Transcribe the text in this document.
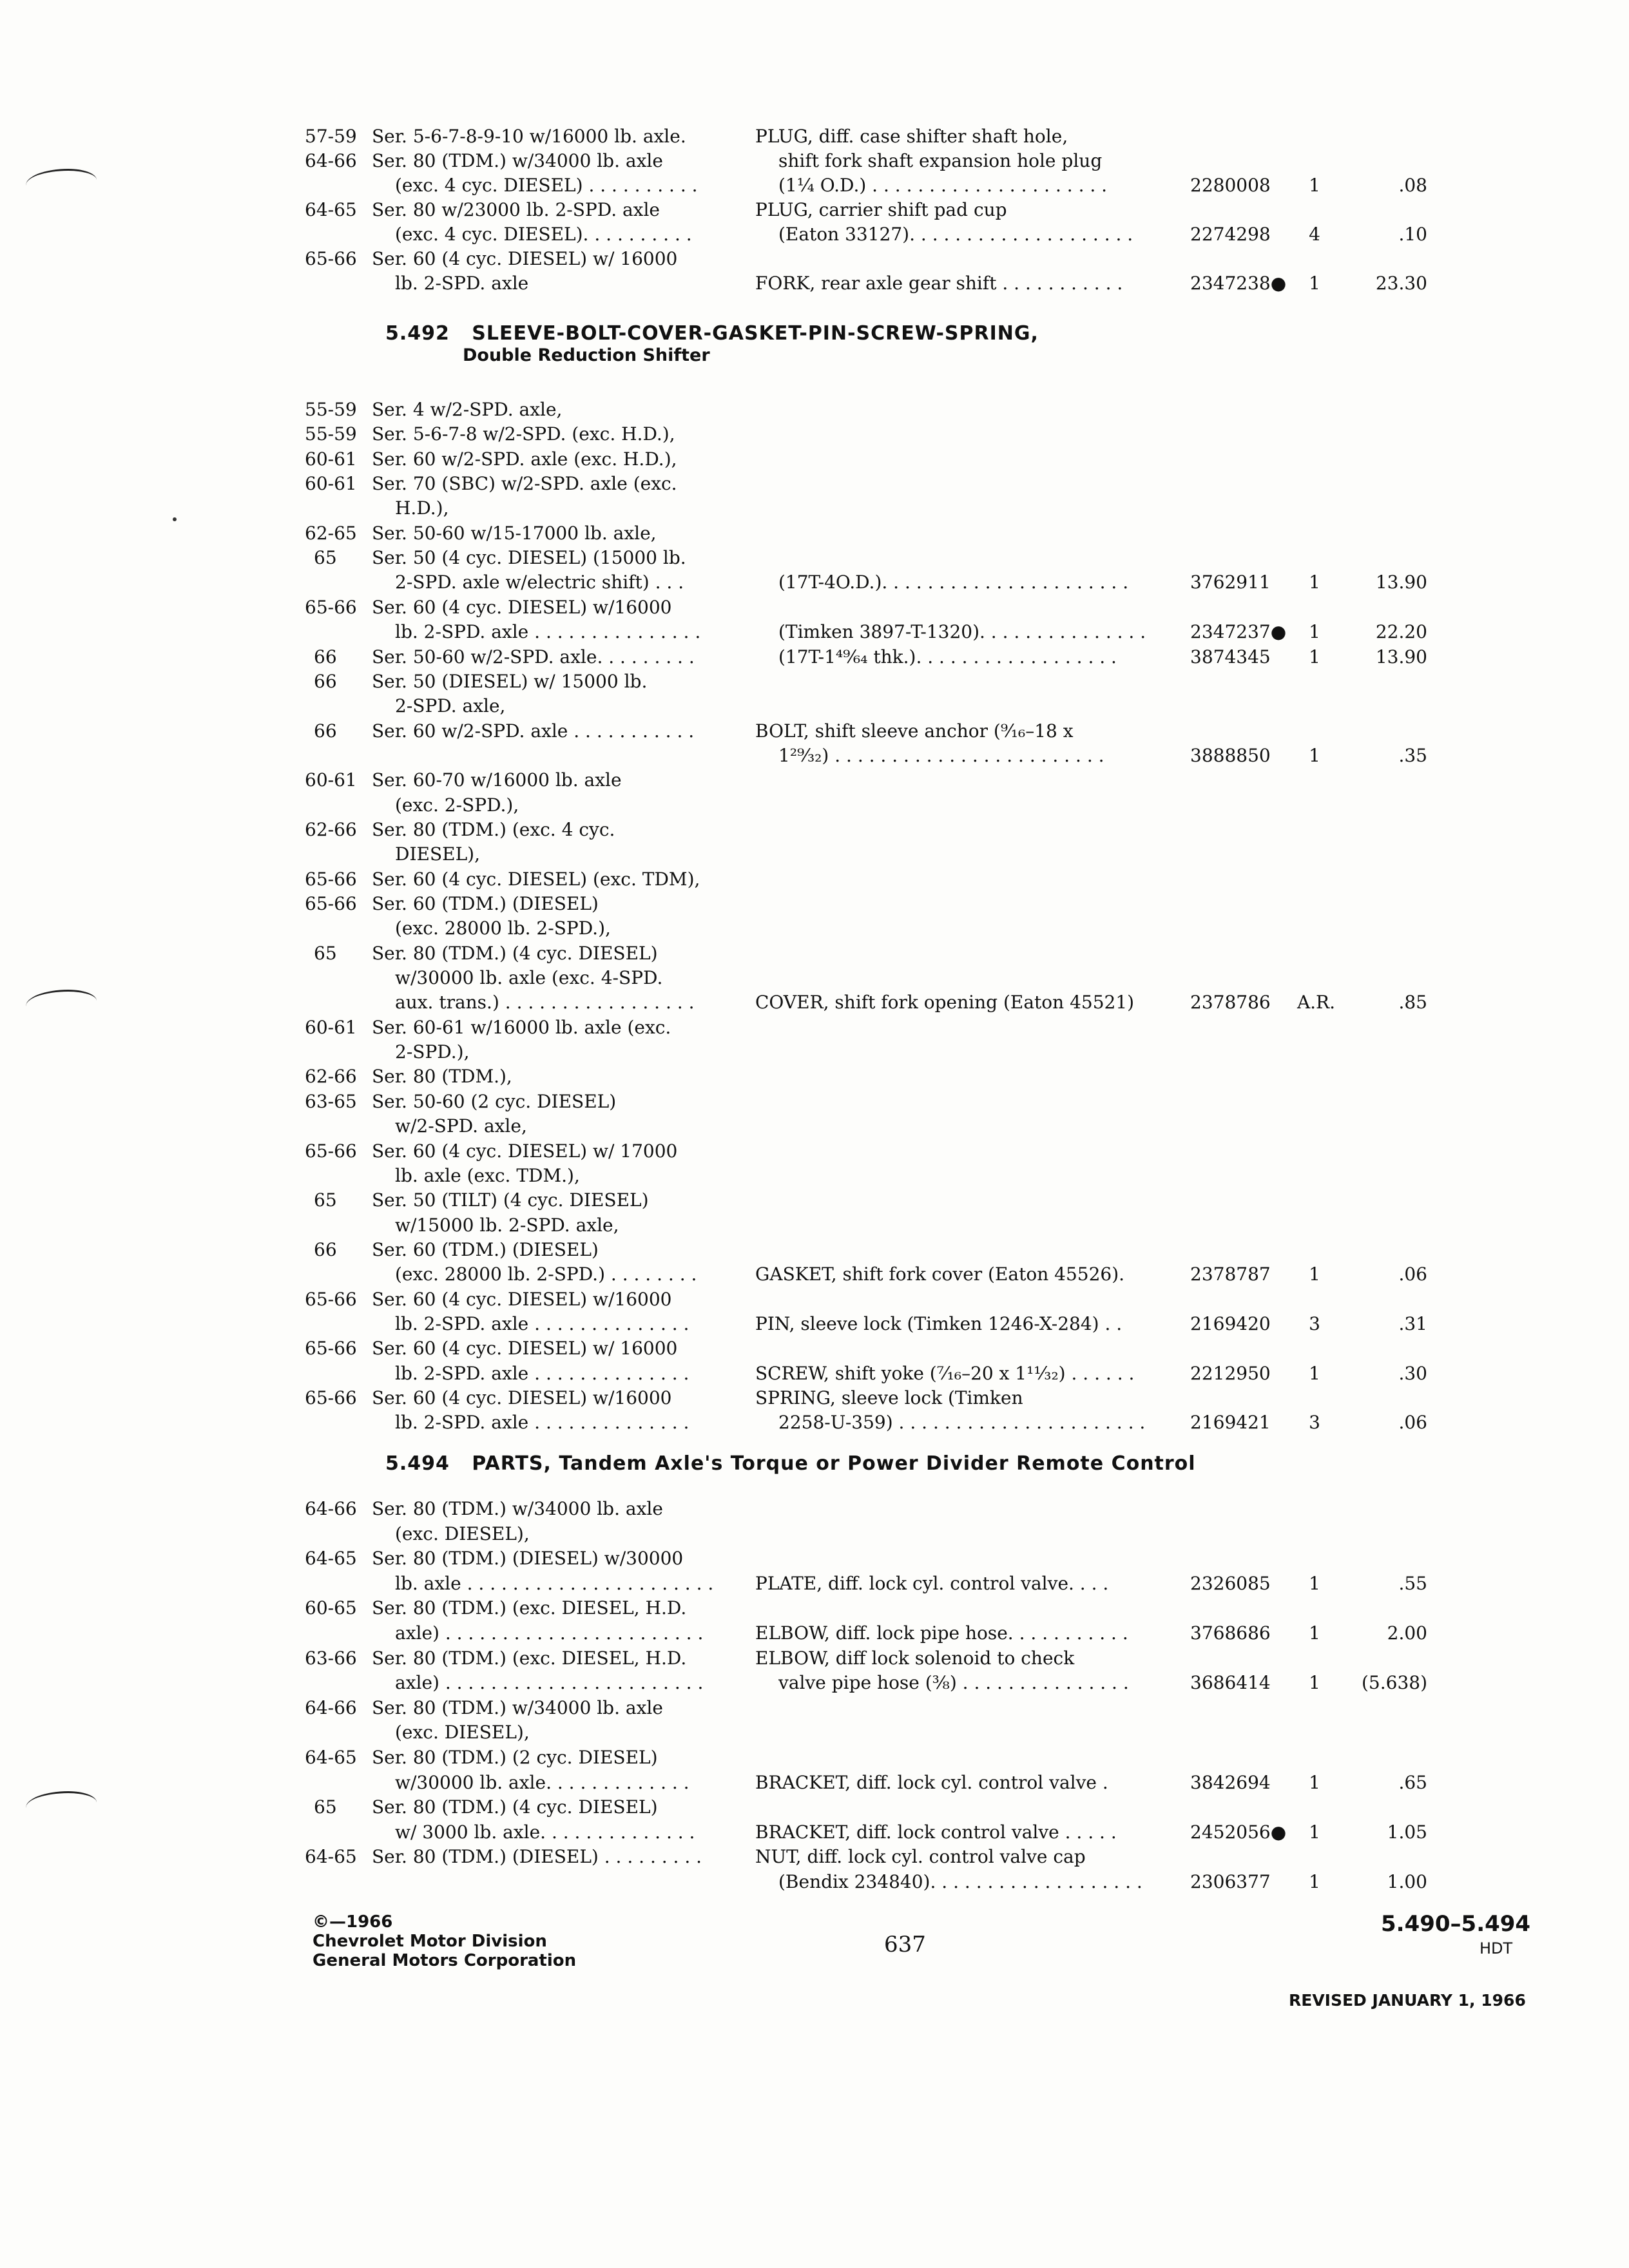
57-59 Ser. 5-6-7-8-9-10 w/16000 lb. axle.	PLUG, diff. case shifter shaft hole,
64-66 Ser. 80 (TDM.) w/34000 lb. axle	shift fork shaft expansion hole plug
(exc. 4 cyc. DIESEL) . . . . . . . . . .	(1¼ O.D.) . . . . . . . . . . . . . . . . . . . . .	2280008	1	.08
64-65 Ser. 80 w/23000 lb. 2-SPD. axle	PLUG, carrier shift pad cup
(exc. 4 cyc. DIESEL). . . . . . . . . .	(Eaton 33127). . . . . . . . . . . . . . . . . . . .	2274298	4	.10
65-66 Ser. 60 (4 cyc. DIESEL) w/ 16000
lb. 2-SPD. axle	FORK, rear axle gear shift . . . . . . . . . . .	2347238●	1	23.30
5.492 SLEEVE-BOLT-COVER-GASKET-PIN-SCREW-SPRING,
Double Reduction Shifter
55-59 Ser. 4 w/2-SPD. axle,
55-59 Ser. 5-6-7-8 w/2-SPD. (exc. H.D.),
60-61 Ser. 60 w/2-SPD. axle (exc. H.D.),
60-61 Ser. 70 (SBC) w/2-SPD. axle (exc.
H.D.),
62-65 Ser. 50-60 w/15-17000 lb. axle,
65	Ser. 50 (4 cyc. DIESEL) (15000 lb.
2-SPD. axle w/electric shift) . . .	(17T-4O.D.). . . . . . . . . . . . . . . . . . . . . .	3762911	1	13.90
65-66 Ser. 60 (4 cyc. DIESEL) w/16000
lb. 2-SPD. axle . . . . . . . . . . . . . . .	(Timken 3897-T-1320). . . . . . . . . . . . . . .	2347237●	1	22.20
66	Ser. 50-60 w/2-SPD. axle. . . . . . . . .	(17T-1⁴⁹⁄₆₄ thk.). . . . . . . . . . . . . . . . . .	3874345	1	13.90
66	Ser. 50 (DIESEL) w/ 15000 lb.
2-SPD. axle,
66	Ser. 60 w/2-SPD. axle . . . . . . . . . . .	BOLT, shift sleeve anchor (⁹⁄₁₆–18 x
1²⁹⁄₃₂) . . . . . . . . . . . . . . . . . . . . . . . .	3888850	1	.35
60-61 Ser. 60-70 w/16000 lb. axle
(exc. 2-SPD.),
62-66 Ser. 80 (TDM.) (exc. 4 cyc.
DIESEL),
65-66 Ser. 60 (4 cyc. DIESEL) (exc. TDM),
65-66 Ser. 60 (TDM.) (DIESEL)
(exc. 28000 lb. 2-SPD.),
65	Ser. 80 (TDM.) (4 cyc. DIESEL)
w/30000 lb. axle (exc. 4-SPD.
aux. trans.) . . . . . . . . . . . . . . . . .	COVER, shift fork opening (Eaton 45521)	2378786	A.R.	.85
60-61 Ser. 60-61 w/16000 lb. axle (exc.
2-SPD.),
62-66 Ser. 80 (TDM.),
63-65 Ser. 50-60 (2 cyc. DIESEL)
w/2-SPD. axle,
65-66 Ser. 60 (4 cyc. DIESEL) w/ 17000
lb. axle (exc. TDM.),
65	Ser. 50 (TILT) (4 cyc. DIESEL)
w/15000 lb. 2-SPD. axle,
66	Ser. 60 (TDM.) (DIESEL)
(exc. 28000 lb. 2-SPD.) . . . . . . . .	GASKET, shift fork cover (Eaton 45526).	2378787	1	.06
65-66 Ser. 60 (4 cyc. DIESEL) w/16000
lb. 2-SPD. axle . . . . . . . . . . . . . .	PIN, sleeve lock (Timken 1246-X-284) . .	2169420	3	.31
65-66 Ser. 60 (4 cyc. DIESEL) w/ 16000
lb. 2-SPD. axle . . . . . . . . . . . . . .	SCREW, shift yoke (⁷⁄₁₆–20 x 1¹¹⁄₃₂) . . . . . .	2212950	1	.30
65-66 Ser. 60 (4 cyc. DIESEL) w/16000	SPRING, sleeve lock (Timken
lb. 2-SPD. axle . . . . . . . . . . . . . .	2258-U-359) . . . . . . . . . . . . . . . . . . . . . .	2169421	3	.06
5.494 PARTS, Tandem Axle's Torque or Power Divider Remote Control
64-66 Ser. 80 (TDM.) w/34000 lb. axle
(exc. DIESEL),
64-65 Ser. 80 (TDM.) (DIESEL) w/30000
lb. axle . . . . . . . . . . . . . . . . . . . . . .	PLATE, diff. lock cyl. control valve. . . .	2326085	1	.55
60-65 Ser. 80 (TDM.) (exc. DIESEL, H.D.
axle) . . . . . . . . . . . . . . . . . . . . . . .	ELBOW, diff. lock pipe hose. . . . . . . . . . .	3768686	1	2.00
63-66 Ser. 80 (TDM.) (exc. DIESEL, H.D.	ELBOW, diff lock solenoid to check
axle) . . . . . . . . . . . . . . . . . . . . . . .	valve pipe hose (⅜) . . . . . . . . . . . . . . .	3686414	1	(5.638)
64-66 Ser. 80 (TDM.) w/34000 lb. axle
(exc. DIESEL),
64-65 Ser. 80 (TDM.) (2 cyc. DIESEL)
w/30000 lb. axle. . . . . . . . . . . . .	BRACKET, diff. lock cyl. control valve .	3842694	1	.65
65	Ser. 80 (TDM.) (4 cyc. DIESEL)
w/ 3000 lb. axle. . . . . . . . . . . . . .	BRACKET, diff. lock control valve . . . . .	2452056●	1	1.05
64-65 Ser. 80 (TDM.) (DIESEL) . . . . . . . . .	NUT, diff. lock cyl. control valve cap
(Bendix 234840). . . . . . . . . . . . . . . . . . .	2306377	1	1.00
©—1966
Chevrolet Motor Division
General Motors Corporation
637
5.490–5.494
HDT
REVISED JANUARY 1, 1966
